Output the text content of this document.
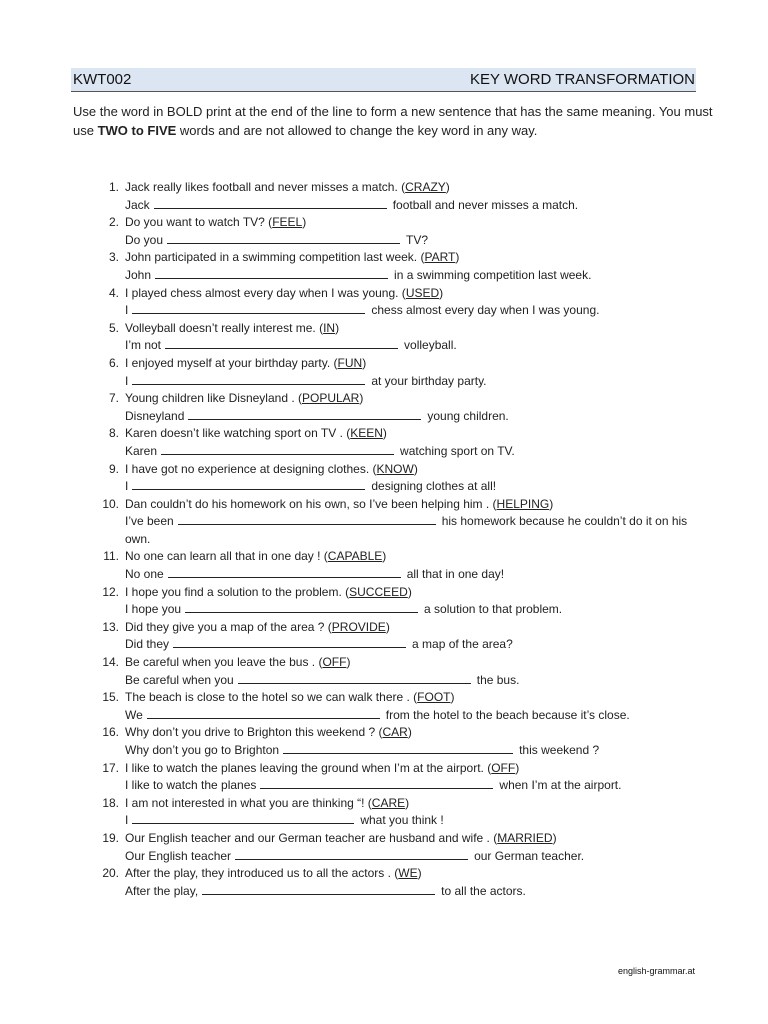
KWT002	KEY WORD TRANSFORMATION
Use the word in BOLD print at the end of the line to form a new sentence that has the same meaning. You must use TWO to FIVE words and are not allowed to change the key word in any way.
1. Jack really likes football and never misses a match. (CRAZY)
Jack	football and never misses a match.
2. Do you want to watch TV? (FEEL)
Do you	TV?
3. John participated in a swimming competition last week. (PART)
John	in a swimming competition last week.
4. I played chess almost every day when I was young. (USED)
I	chess almost every day when I was young.
5. Volleyball doesn’t really interest me. (IN)
I’m not	volleyball.
6. I enjoyed myself at your birthday party. (FUN)
I	at your birthday party.
7. Young children like Disneyland . (POPULAR)
Disneyland	young children.
8. Karen doesn’t like watching sport on TV . (KEEN)
Karen	watching sport on TV.
9. I have got no experience at designing clothes. (KNOW)
I	designing clothes at all!
10. Dan couldn’t do his homework on his own, so I’ve been helping him . (HELPING)
I’ve been	his homework because he couldn’t do it on his own.
11. No one can learn all that in one day ! (CAPABLE)
No one	all that in one day!
12. I hope you find a solution to the problem. (SUCCEED)
I hope you	a solution to that problem.
13. Did they give you a map of the area ? (PROVIDE)
Did they	a map of the area?
14. Be careful when you leave the bus . (OFF)
Be careful when you	the bus.
15. The beach is close to the hotel so we can walk there . (FOOT)
We	from the hotel to the beach because it’s close.
16. Why don’t you drive to Brighton this weekend ? (CAR)
Why don’t you go to Brighton	this weekend ?
17. I like to watch the planes leaving the ground when I’m at the airport. (OFF)
I like to watch the planes	when I’m at the airport.
18. I am not interested in what you are thinking “! (CARE)
I	what you think !
19. Our English teacher and our German teacher are husband and wife . (MARRIED)
Our English teacher	our German teacher.
20. After the play, they introduced us to all the actors . (WE)
After the play,	to all the actors.
english-grammar.at
